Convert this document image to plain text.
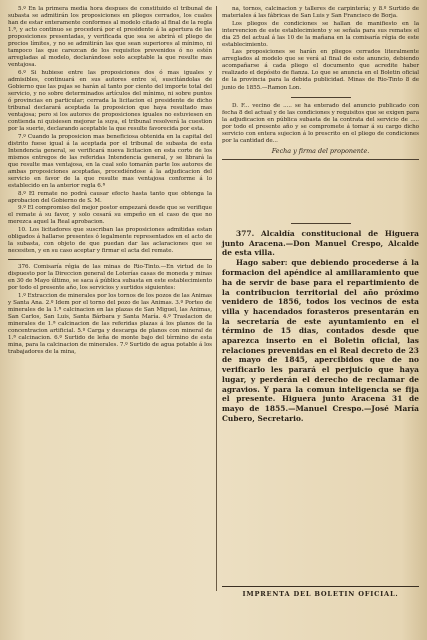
5.º En la primera media hora despues de constituido el tribunal de subasta se admitirán los proposiciones en pliegos cerrados, los cuales han de estar enteramente conformes al modelo citado al final de la regla 1.ª, y acto continuo se procederá por el presidente á la apertura de las proposiciones presentadas, y verificada que sea se abrirá el pliego de precios límites, y no se admitirán las que sean superiores al mínimo, ni tampoco las que carezcan de los requisitos prevenidos ó no estén arregladas al modelo, declarándose solo aceptable la que resulte mas ventajosa.

6.º Si hubiese entre las proposiciones dos ó mas iguales y admisibles, continuará en sus autores entre sí, suscitándolas de Gobierno que las pujas se harán al tanto por ciento del importe total del servicio, y no sobre determinados artículos del mínimo, ni sobre puntos ó provincias en particular; cerrada la licitacion el presidente de dicho tribunal declarará aceptada la proposicion que haya resultado mas ventajosa; pero si los autores de proposiciones iguales no estuviesen en contienda ni quisiesen mejorar la suya, el tribunal resolverá la cuestion por la suerte, declarando aceptable la que resulte favorecida por esta.

7.º Cuando la proposicion mas beneficiosa obtenida en la capital del distrito fuese igual á la aceptada por el tribunal de subasta de esta Intendencia general, se verificará nueva licitacion en esta corte de los mismos entregos de las referidas Intendencia general, y se librará la que resulte mas ventajosa, en la cual solo tomarán parte los autores de ambas proposiciones aceptadas, procediéndose á la adjudicacion del servicio en favor de la que resulte mas ventajosa conforme á lo establecido en la anterior regla 6.ª

8.º El remate no podrá causar efecto hasta tanto que obtenga la aprobacion del Gobierno de S. M.

9.º El compromiso del mejor postor empezará desde que se verifique el remate á su favor, y solo cesará su empeño en el caso de que no merezca aquel la Real aprobacion.

10. Los licitadores que suscriban las proposiciones admitidas estan obligados á hallarse presentes ó legalmente representados en el acto de la subasta, con objeto de que puedan dar las aclaraciones que se necesiten, y en su caso aceptar y firmar el acta del remate.

376. Comisaría régia de las minas de Rio-Tinto.—En virtud de lo dispuesto por la Direccion general de Loterías casas de moneda y minas en 30 de Mayo último, se saca á pública subasta en este establecimiento por todo el presente año, los servicios y surtidos siguientes:

1.º Extraccion de minerales por los tornos de los pozos de las Animas y Santa Ana. 2.º Idem por el torno del pozo de las Animas. 3.º Porteo de minerales de la 1.ª calcinacion en las plazas de San Miguel, las Animas, San Carlos, San Luis, Santa Bárbara y Santa María. 4.º Traslacion de minerales de 1.ª calcinacion de las referidas plazas á los planos de la concentracion artificial. 5.º Carga y descarga de planos con mineral de 1.ª calcinacion. 6.º Surtido de leña de monte bajo del término de esta mina, para la calcinacion de minerales. 7.º Surtido de agua potable á los trabajadores de la mina,

na, tornos, calcinacion y talleres de carpintería; y 8.º Surtido de materiales á las fábricas de San Luis y San Francisco de Borja.

Los pliegos de condiciones se hallan de manifiesto en la intervencion de este establecimiento y se señala para sus remates el dia 25 del actual á las 10 de la mañana en la comisaría régia de este establecimiento.

Las proposiciones se harán en pliegos cerrados literalmente arreglados al modelo que se verá al final de este anuncio, debiendo acompañarse á cada pliego el documento que acredite haber realizado el depósito de fianza. Lo que se anuncia en el Boletin oficial de la provincia para la debida publicidad. Minas de Rio-Tinto 8 de junio de 1855.—Ramon Lon.

D. F... vecino de ..... se ha enterado del anuncio publicado con fecha 8 del actual y de las condiciones y requisitos que se exigen para la adjudicacion en pública subasta de la contrata del servicio de ..... por todo el presente año y se compromete á tomar á su cargo dicho servicio con entera sujecion á lo prescrito en el pliego de condiciones por la cantidad de...

Fecha y firma del proponente.

377. Alcaldía constitucional de Higuera junto Aracena.—Don Manuel Crespo, Alcalde de esta villa.

Hago saber: que debiendo procederse á la formacion del apéndice al amillaramiento que ha de servir de base para el repartimiento de la contribucion territorial del año próximo venidero de 1856, todos los vecinos de esta villa y hacendados forasteros presentarán en la secretaría de este ayuntamiento en el término de 15 dias, contados desde que aparezca inserto en el Boletin oficial, las relaciones prevenidas en el Real decreto de 23 de mayo de 1845, apercibidos que de no verificarlo les parará el perjuicio que haya lugar, y perderán el derecho de reclamar de agravios. Y para la comun inteligencia se fija el presente. Higuera junto Aracena 31 de mayo de 1855.—Manuel Crespo.—José María Cubero, Secretario.

IMPRENTA DEL BOLETIN OFICIAL.
